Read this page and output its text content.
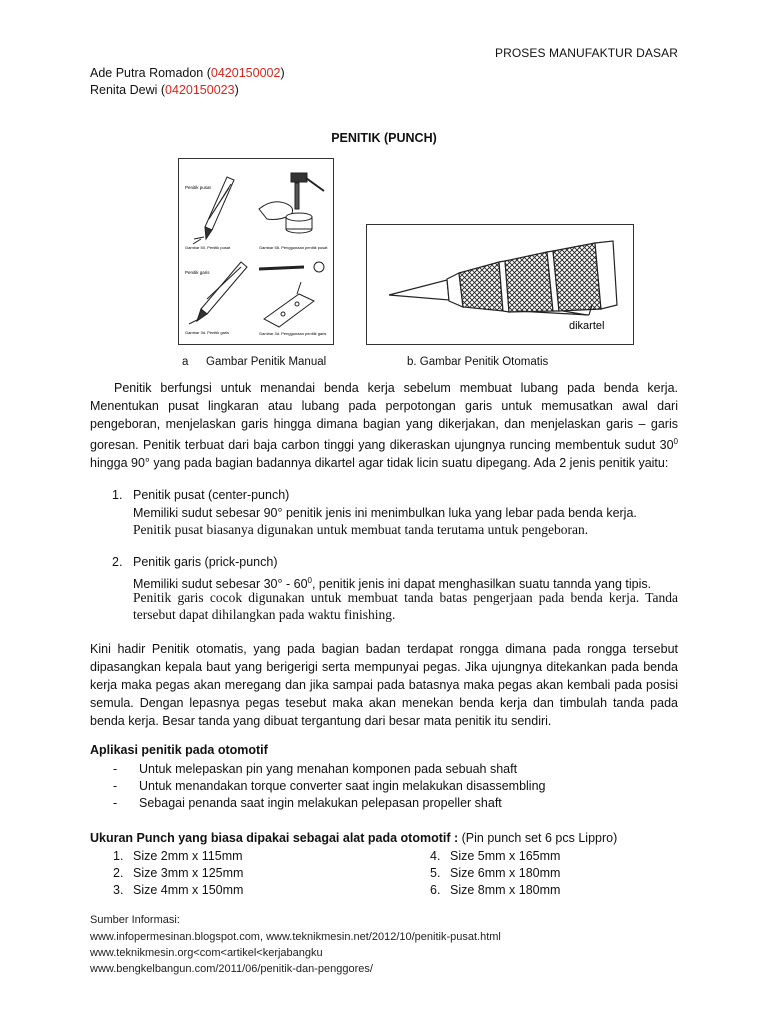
PROSES MANUFAKTUR DASAR
Ade Putra Romadon (0420150002)
Renita Dewi (0420150023)
PENITIK (PUNCH)
Penitik pusat
Gambar 50. Penitik pusat	Gambar 58. Penggunaan penitik pusat
Penitik garis
Gambar 3d. Penitik garis	Gambar 3d. Penggunaan penitik garis
dikartel
a Gambar Penitik Manual	b. Gambar Penitik Otomatis

Penitik berfungsi untuk menandai benda kerja sebelum membuat lubang pada benda kerja. Menentukan pusat lingkaran atau lubang pada perpotongan garis untuk memusatkan awal dari pengeboran, menjelaskan garis hingga dimana bagian yang dikerjakan, dan menjelaskan garis – garis goresan. Penitik terbuat dari baja carbon tinggi yang dikeraskan ujungnya runcing membentuk sudut $30^0$ hingga 90° yang pada bagian badannya dikartel agar tidak licin suatu dipegang. Ada 2 jenis penitik yaitu:

1. Penitik pusat (center-punch)
Memiliki sudut sebesar 90° penitik jenis ini menimbulkan luka yang lebar pada benda kerja.
Penitik pusat biasanya digunakan untuk membuat tanda terutama untuk pengeboran.
2. Penitik garis (prick-punch)
Memiliki sudut sebesar $30^\circ - 60^0$, penitik jenis ini dapat menghasilkan suatu tannda yang tipis.
Penitik garis cocok digunakan untuk membuat tanda batas pengerjaan pada benda kerja. Tanda tersebut dapat dihilangkan pada waktu finishing.

Kini hadir Penitik otomatis, yang pada bagian badan terdapat rongga dimana pada rongga tersebut dipasangkan kepala baut yang berigerigi serta mempunyai pegas. Jika ujungnya ditekankan pada benda kerja maka pegas akan meregang dan jika sampai pada batasnya maka pegas akan kembali pada posisi semula. Dengan lepasnya pegas tesebut maka akan menekan benda kerja dan timbulah tanda pada benda kerja. Besar tanda yang dibuat tergantung dari besar mata penitik itu sendiri.

Aplikasi penitik pada otomotif
- Untuk melepaskan pin yang menahan komponen pada sebuah shaft
- Untuk menandakan torque converter saat ingin melakukan disassembling
- Sebagai penanda saat ingin melakukan pelepasan propeller shaft
Ukuran Punch yang biasa dipakai sebagai alat pada otomotif : (Pin punch set 6 pcs Lippro)
1. Size 2mm x 115mm
2. Size 3mm x 125mm
3. Size 4mm x 150mm
4. Size 5mm x 165mm
5. Size 6mm x 180mm
6. Size 8mm x 180mm
Sumber Informasi:
www.infopermesinan.blogspot.com, www.teknikmesin.net/2012/10/penitik-pusat.html
www.teknikmesin.org<com<artikel<kerjabangku
www.bengkelbangun.com/2011/06/penitik-dan-penggores/
